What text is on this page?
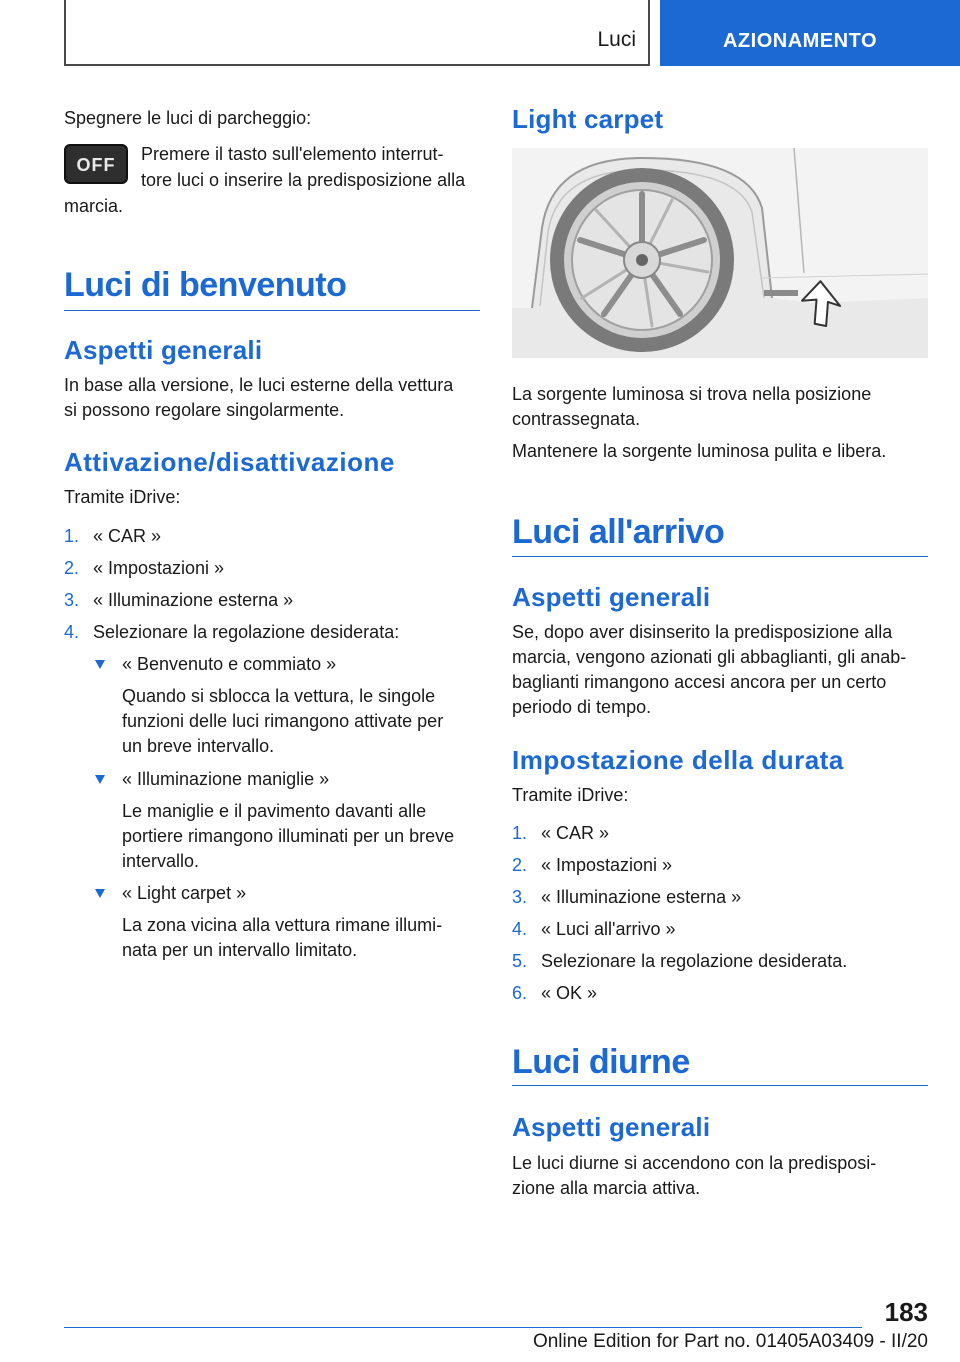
Luci	AZIONAMENTO
Spegnere le luci di parcheggio:
OFF
Premere il tasto sull'elemento interrut-
tore luci o inserire la predisposizione alla
marcia.
Luci di benvenuto
Aspetti generali
In base alla versione, le luci esterne della vettura
si possono regolare singolarmente.
Attivazione/disattivazione
Tramite iDrive:
1. « CAR »
2. « Impostazioni »
3. « Illuminazione esterna »
4. Selezionare la regolazione desiderata:
« Benvenuto e commiato »
Quando si sblocca la vettura, le singole
funzioni delle luci rimangono attivate per
un breve intervallo.
« Illuminazione maniglie »
Le maniglie e il pavimento davanti alle
portiere rimangono illuminati per un breve
intervallo.
« Light carpet »
La zona vicina alla vettura rimane illumi-
nata per un intervallo limitato.
Light carpet
La sorgente luminosa si trova nella posizione
contrassegnata.
Mantenere la sorgente luminosa pulita e libera.
Luci all'arrivo
Aspetti generali
Se, dopo aver disinserito la predisposizione alla
marcia, vengono azionati gli abbaglianti, gli anab-
baglianti rimangono accesi ancora per un certo
periodo di tempo.
Impostazione della durata
Tramite iDrive:
1. « CAR »
2. « Impostazioni »
3. « Illuminazione esterna »
4. « Luci all'arrivo »
5. Selezionare la regolazione desiderata.
6. « OK »
Luci diurne
Aspetti generali
Le luci diurne si accendono con la predisposi-
zione alla marcia attiva.
183
Online Edition for Part no. 01405A03409 - II/20
